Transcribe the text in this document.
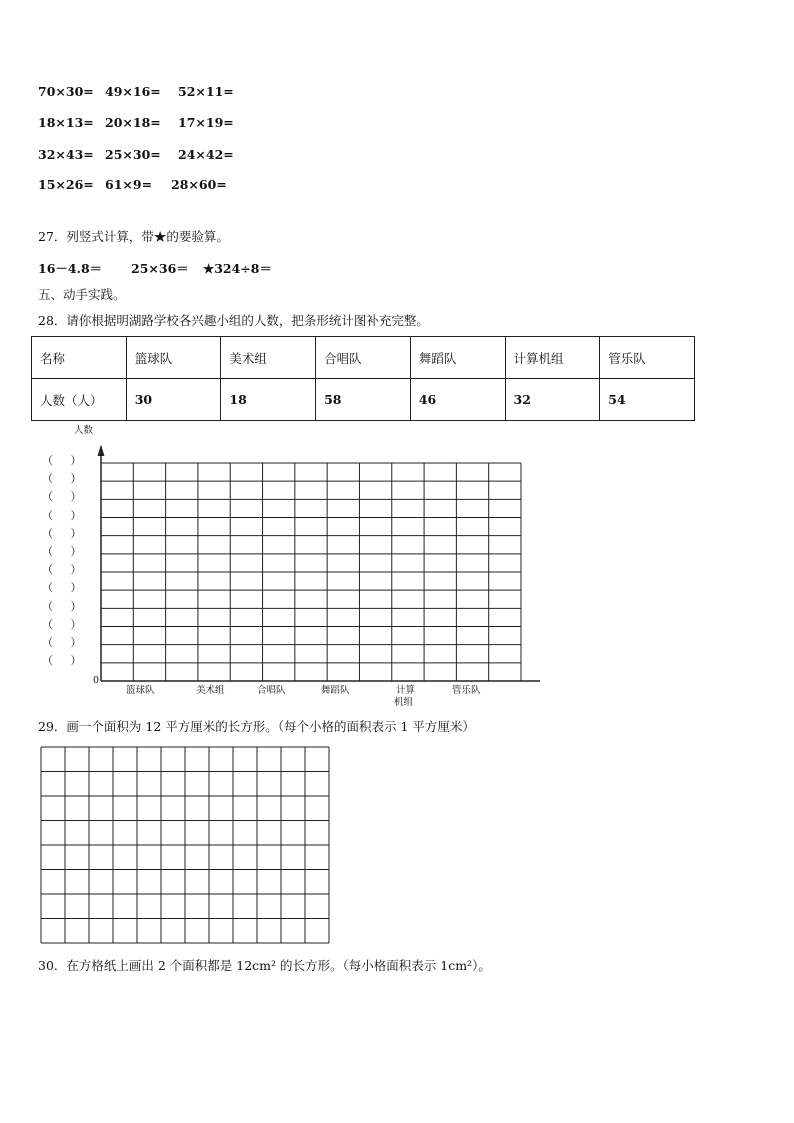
70×30= 49×16= 52×11=
18×13= 20×18= 17×19=
32×43= 25×30= 24×42=
15×26= 61×9= 28×60=
27．列竖式计算，带★的要验算。
16－4.8＝ 25×36＝ ★324÷8＝
五、动手实践。
28．请你根据明湖路学校各兴趣小组的人数，把条形统计图补充完整。
名称	篮球队	美术组	合唱队	舞蹈队	计算机组	管乐队
人数（人）	30	18	58	46	32	54
人数
0
（     ）
（     ）
（     ）
（     ）
（     ）
（     ）
（     ）
（     ）
（     ）
（     ）
（     ）
（     ）
篮球队	美术组	合唱队	舞蹈队	计算
机组
管乐队
29．画一个面积为 12 平方厘米的长方形。（每个小格的面积表示 1 平方厘米）
30．在方格纸上画出 2 个面积都是 12cm² 的长方形。（每小格面积表示 1cm²）。
